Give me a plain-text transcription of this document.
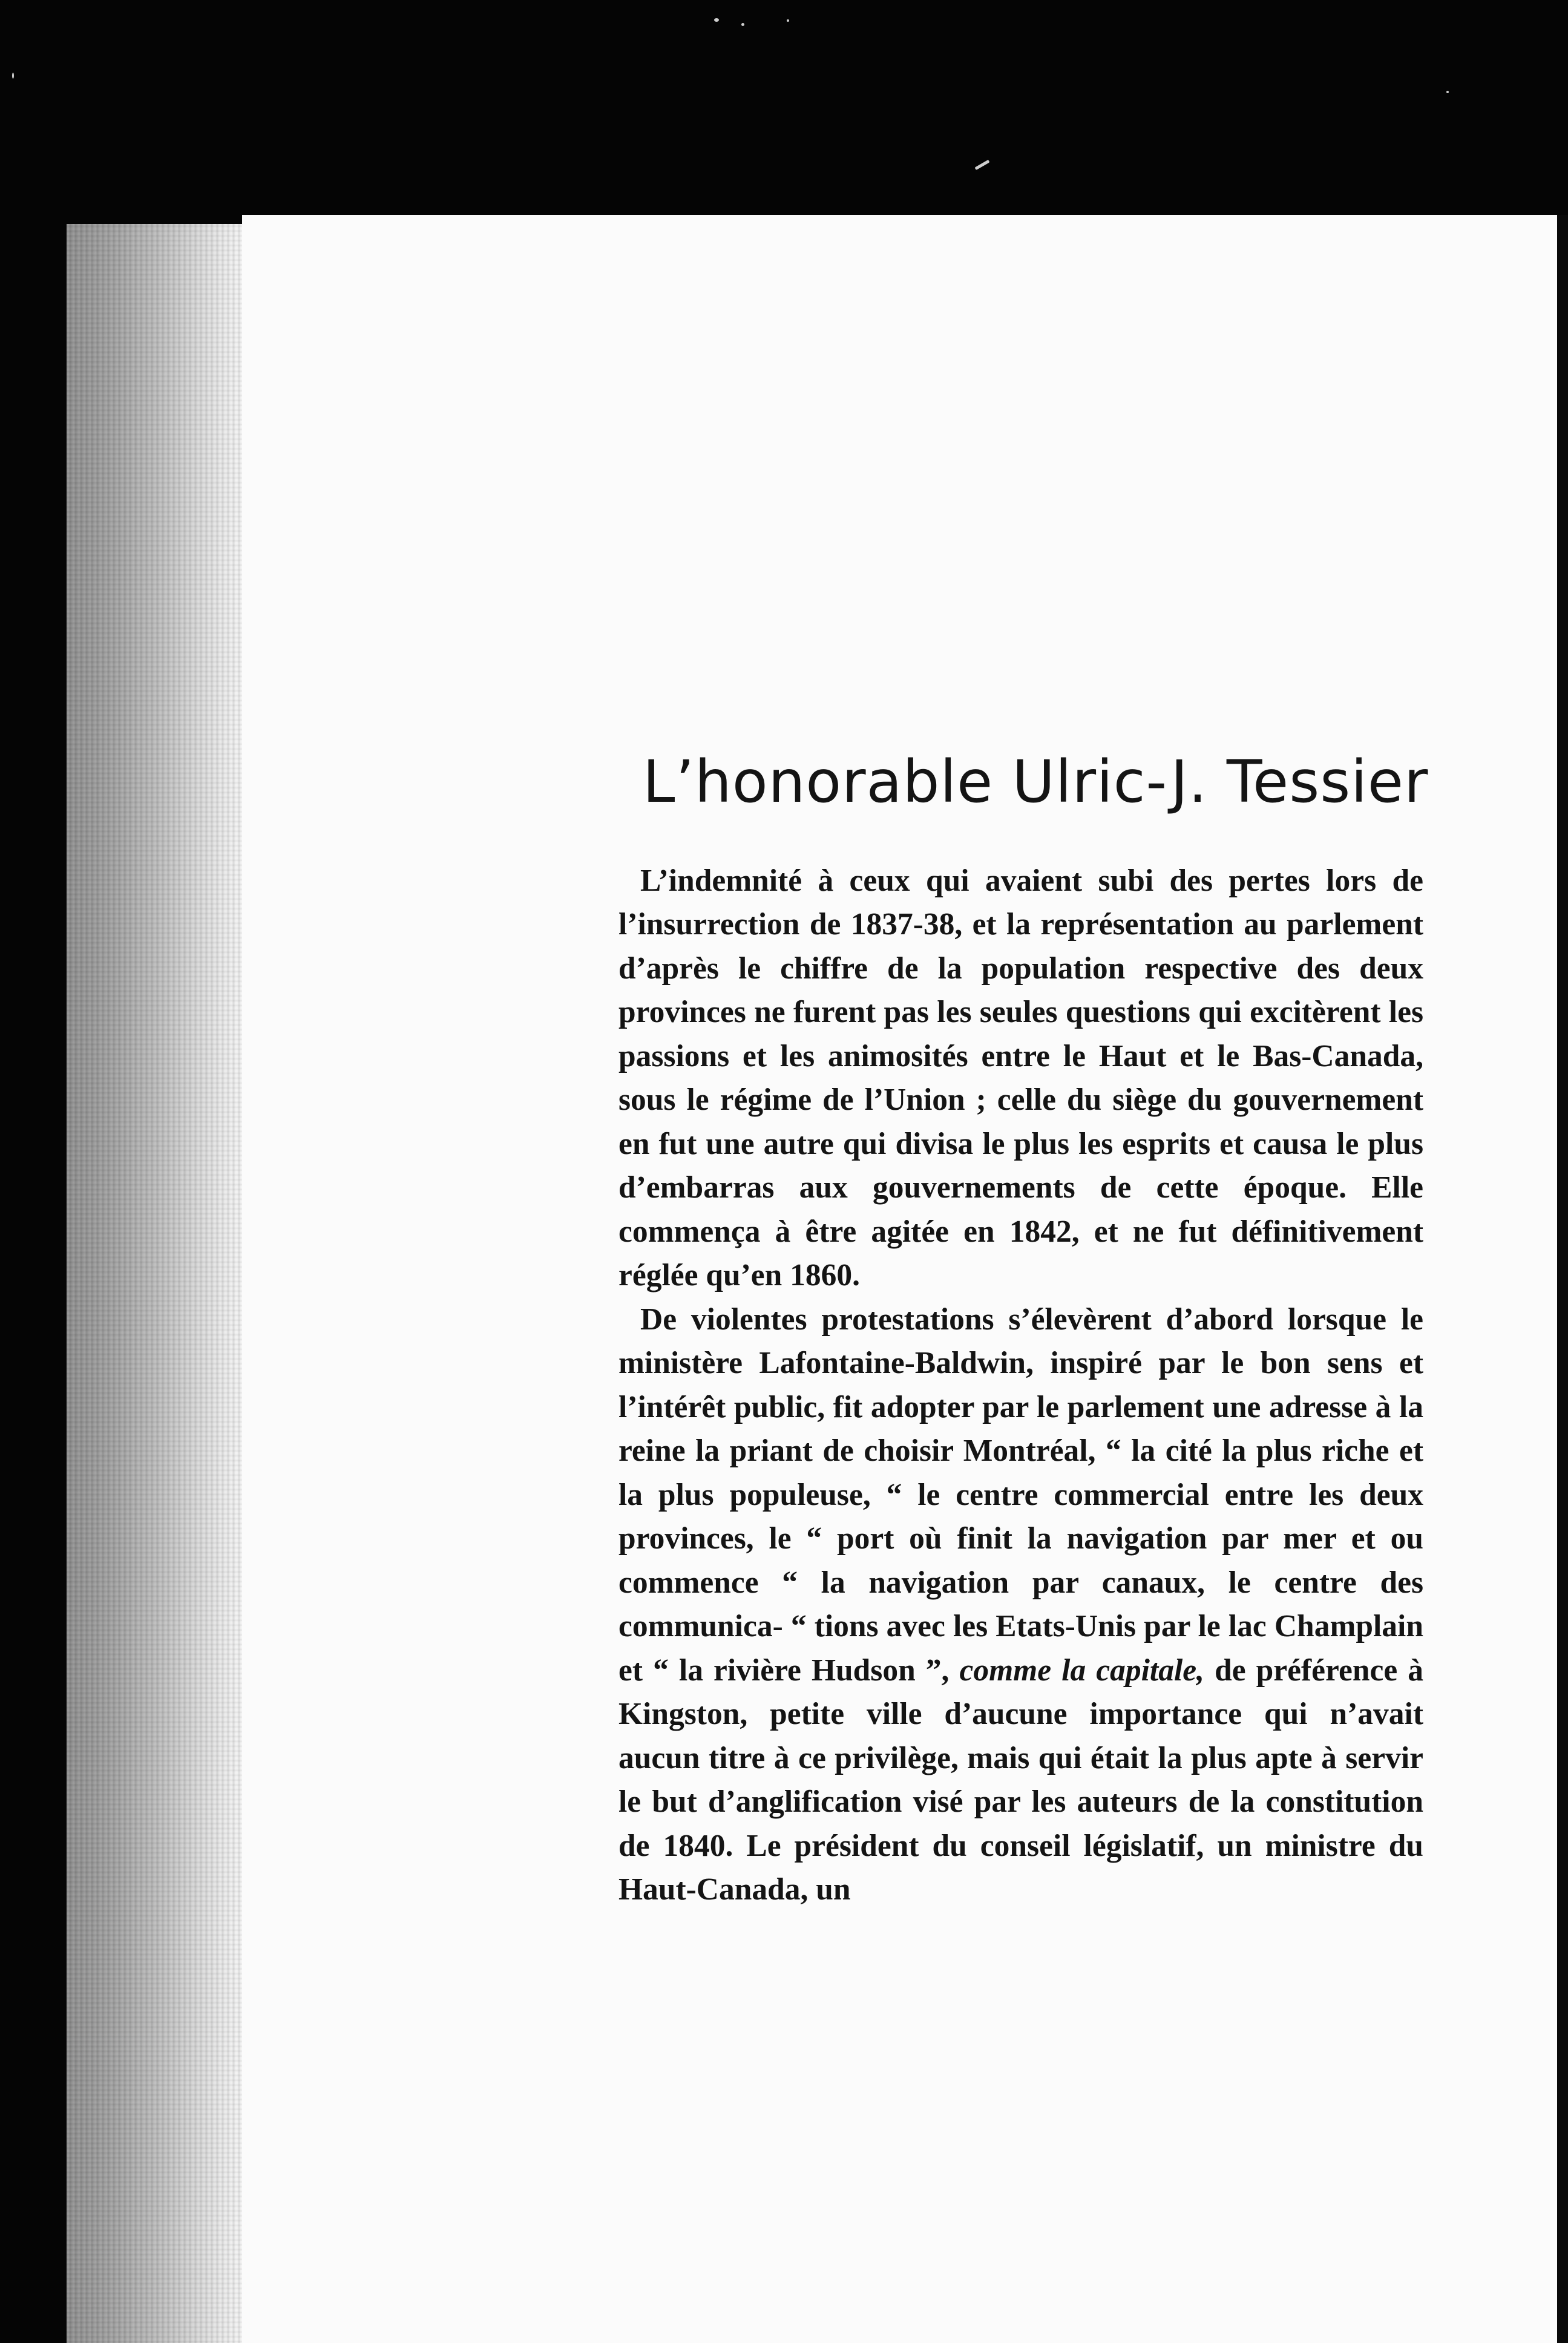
L’honorable Ulric-J. Tessier

L’indemnité à ceux qui avaient subi des pertes lors de l’insurrection de 1837-38, et la représentation au parlement d’après le chiffre de la population respective des deux provinces ne furent pas les seules questions qui excitèrent les passions et les animosités entre le Haut et le Bas-Canada, sous le régime de l’Union ; celle du siège du gouvernement en fut une autre qui divisa le plus les esprits et causa le plus d’embarras aux gouvernements de cette époque. Elle commença à être agitée en 1842, et ne fut définitivement réglée qu’en 1860.

De violentes protestations s’élevèrent d’abord lorsque le ministère Lafontaine-Baldwin, inspiré par le bon sens et l’intérêt public, fit adopter par le parlement une adresse à la reine la priant de choisir Montréal, “ la cité la plus riche et la plus populeuse, “ le centre commercial entre les deux provinces, le “ port où finit la navigation par mer et ou commence “ la navigation par canaux, le centre des communica- “ tions avec les Etats-Unis par le lac Champlain et “ la rivière Hudson ”, comme la capitale, de préférence à Kingston, petite ville d’aucune importance qui n’avait aucun titre à ce privilège, mais qui était la plus apte à servir le but d’anglification visé par les auteurs de la constitution de 1840. Le président du conseil législatif, un ministre du Haut-Canada, un
